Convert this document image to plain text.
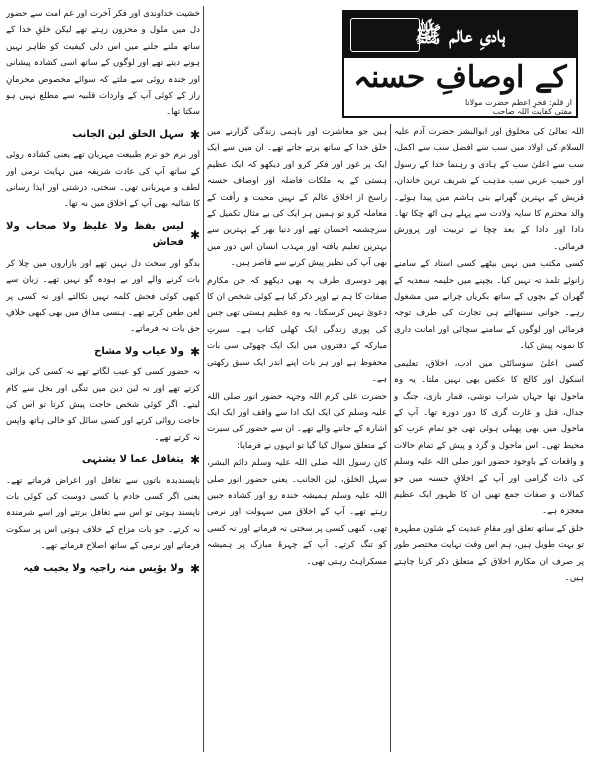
ہادیِ عالم ﷺ
کے اوصافِ حسنہ
از قلم: فخرِ اعظم حضرت مولانا
مفتی کفایت اللہ صاحب

اللہ تعالیٰ کی مخلوق اور ابوالبشر حضرت آدم علیہ السلام کی اولاد میں سب سے افضل سب سے اکمل، سب سے اعلیٰ سب کے ہادی و رہنما خدا کے رسول اور حبیب عربی سب مذہب کے شریف ترین خاندان، قریش کے بہترین گھرانے بنی ہاشم میں پیدا ہوئے۔ والد محترم کا سایہ ولادت سے پہلے ہی اٹھ چکا تھا۔ دادا اور دادا کے بعد چچا نے تربیت اور پرورش فرمائی۔

کسی مکتب میں نہیں بیٹھے کسی استاد کے سامنے زانوئے تلمذ تہ نہیں کیا۔ بچپنے میں حلیمہ سعدیہ کے گھران کے بچوں کے ساتھ بکریاں چرانے میں مشغول رہے۔ جوانی سنبھالتے ہی تجارت کی طرف توجہ فرمائی اور لوگوں کے سامنے سچائی اور امانت داری کا نمونہ پیش کیا۔

کسی اعلیٰ سوسائٹی میں ادب، اخلاق، تعلیمی اسکول اور کالج کا عکس بھی نہیں ملتا۔ یہ وہ ماحول تھا جہاں شراب نوشی، قمار بازی، جنگ و جدال، قتل و غارت گری کا دور دورہ تھا۔ آپ کے ماحول میں بھی پھیلی ہوئی تھی جو تمام عرب کو محیط تھی۔ اس ماحول و گرد و پیش کے تمام حالات و واقعات کے باوجود حضور انور صلی اللہ علیہ وسلم کی ذات گرامی اور آپ کے اخلاقِ حسنہ میں جو کمالات و صفات جمع تھیں ان کا ظہور ایک عظیم معجزہ ہے۔

خلق کے ساتھ تعلق اور مقامِ عبدیت کے شئون مطہرہ تو بہت طویل ہیں، ہم اس وقت نہایت مختصر طور پر صرف ان مکارم اخلاق کے متعلق ذکر کرنا چاہتے ہیں۔

ہیں جو معاشرت اور باہمی زندگی گزارنے میں خلق خدا کے ساتھ برتے جاتے تھے۔ ان میں سے ایک ایک پر غور اور فکر کرو اور دیکھو کہ ایک عظیم ہستی کے یہ ملکات فاضلہ اور اوصاف حسنہ راسخ از اخلاق عالم کے نہیں محبت و رأفت کے معاملہ کرو تو ہمیں ہر ایک کی بے مثال تکمیل کے سرچشمہ احسان تھے اور دنیا بھر کے بہترین سے بہترین تعلیم یافتہ اور مہذب انسان اس دور میں بھی آپ کی نظیر پیش کرنے سے قاصر ہیں۔

پھر دوسری طرف یہ بھی دیکھو کہ جن مکارم صفات کا ہم نے اوپر ذکر کیا ہے کوئی شخص ان کا دعویٰ نہیں کرسکتا۔ یہ وہ عظیم ہستی تھی جس کی پوری زندگی ایک کھلی کتاب ہے۔ سیرتِ مبارکہ کے دفتروں میں ایک ایک چھوٹی سی بات محفوظ ہے اور ہر بات اپنے اندر ایک سبق رکھتی ہے۔

حضرت علی کرم اللہ وجہہ حضور انور صلی اللہ علیہ وسلم کی ایک ایک ادا سے واقف اور ایک ایک اشارہ کے جاننے والے تھے۔ ان سے حضور کی سیرت کے متعلق سوال کیا گیا تو انہوں نے فرمایا:

کان رسول اللہ صلی اللہ علیہ وسلم دائم البشر، سہل الخلق، لین الجانب۔ یعنی حضور انور صلی اللہ علیہ وسلم ہمیشہ خندہ رو اور کشادہ جبیں رہتے تھے۔ آپ کے اخلاق میں سہولت اور نرمی تھی۔ کبھی کسی پر سختی نہ فرماتے اور نہ کسی کو تنگ کرتے۔ آپ کے چہرۂ مبارک پر ہمیشہ مسکراہٹ رہتی تھی۔

خشیت خداوندی اور فکر آخرت اور غم امت سے حضور دل میں ملول و محزون رہتے تھے لیکن خلقِ خدا کے ساتھ ملنے جلنے میں اس دلی کیفیت کو ظاہر نہیں ہونے دیتے تھے اور لوگوں کے ساتھ اسی کشادہ پیشانی اور خندہ روئی سے ملتے کہ سوائے مخصوص محرمانِ راز کے کوئی آپ کے واردات قلبیہ سے مطلع نہیں ہو سکتا تھا۔

✱
سہل الخلق لین الجانب

اور نرم خو نرم طبیعت مہربان تھے یعنی کشادہ روئی کے ساتھ آپ کی عادت شریفہ میں نہایت نرمی اور لطف و مہربانی تھی۔ سختی، درشتی اور ایذا رسانی کا شائبہ بھی آپ کے اخلاق میں نہ تھا۔

✱
لیس بفظ ولا غلیظ ولا صخاب ولا فحاش

بدگو اور سخت دل نہیں تھے اور بازاروں میں چلا کر بات کرنے والے اور بے ہودہ گو نہیں تھے۔ زبان سے کبھی کوئی فحش کلمہ نہیں نکالتے اور نہ کسی پر لعن طعن کرتے تھے۔ ہنسی مذاق میں بھی کبھی خلافِ حق بات نہ فرماتے۔

✱
ولا عیاب ولا مشاح

نہ حضور کسی کو عیب لگاتے تھے نہ کسی کی برائی کرتے تھے اور نہ لین دین میں تنگی اور بخل سے کام لیتے۔ اگر کوئی شخص حاجت پیش کرتا تو اس کی حاجت روائی کرتے اور کسی سائل کو خالی ہاتھ واپس نہ کرتے تھے۔

✱
یتغافل عما لا یشتہی

ناپسندیدہ باتوں سے تغافل اور اعراض فرماتے تھے۔ یعنی اگر کسی خادم یا کسی دوست کی کوئی بات ناپسند ہوتی تو اس سے تغافل برتتے اور اسے شرمندہ نہ کرتے۔ جو بات مزاج کے خلاف ہوتی اس پر سکوت فرماتے اور نرمی کے ساتھ اصلاح فرماتے تھے۔

✱
ولا یؤیس منہ راجیہ ولا یخیب فیہ
